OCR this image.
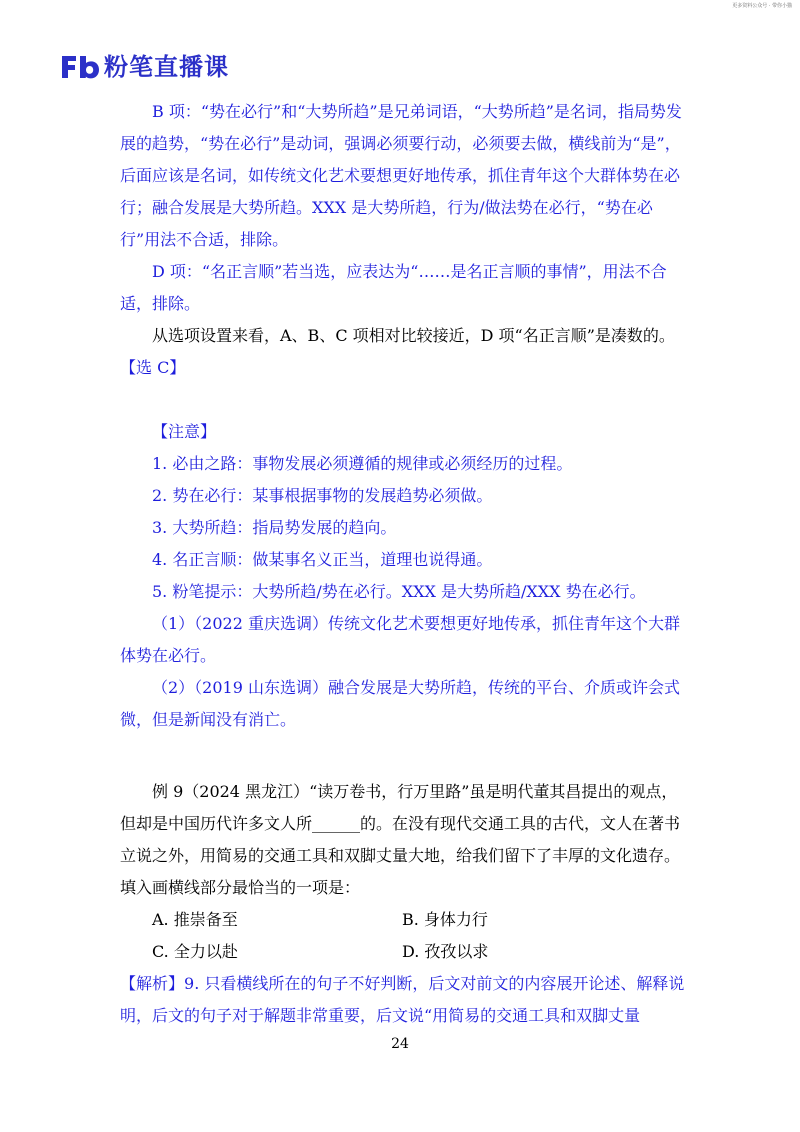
更多资料公众号 · 带你小猫
粉笔直播课

B 项：“势在必行”和“大势所趋”是兄弟词语，“大势所趋”是名词，指局势发展的趋势，“势在必行”是动词，强调必须要行动，必须要去做，横线前为“是”，后面应该是名词，如传统文化艺术要想更好地传承，抓住青年这个大群体势在必行；融合发展是大势所趋。XXX 是大势所趋，行为/做法势在必行，“势在必行”用法不合适，排除。

D 项：“名正言顺”若当选，应表达为“……是名正言顺的事情”，用法不合适，排除。

从选项设置来看，A、B、C 项相对比较接近，D 项“名正言顺”是凑数的。

【选 C】

【注意】

1. 必由之路：事物发展必须遵循的规律或必须经历的过程。

2. 势在必行：某事根据事物的发展趋势必须做。

3. 大势所趋：指局势发展的趋向。

4. 名正言顺：做某事名义正当，道理也说得通。

5. 粉笔提示：大势所趋/势在必行。XXX 是大势所趋/XXX 势在必行。

（1）（2022 重庆选调）传统文化艺术要想更好地传承，抓住青年这个大群体势在必行。

（2）（2019 山东选调）融合发展是大势所趋，传统的平台、介质或许会式微，但是新闻没有消亡。

例 9（2024 黑龙江）“读万卷书，行万里路”虽是明代董其昌提出的观点，但却是中国历代许多文人所______的。在没有现代交通工具的古代，文人在著书立说之外，用简易的交通工具和双脚丈量大地，给我们留下了丰厚的文化遗存。

填入画横线部分最恰当的一项是：

A. 推崇备至	B. 身体力行
C. 全力以赴	D. 孜孜以求

【解析】9. 只看横线所在的句子不好判断，后文对前文的内容展开论述、解释说明，后文的句子对于解题非常重要，后文说“用简易的交通工具和双脚丈量

24
